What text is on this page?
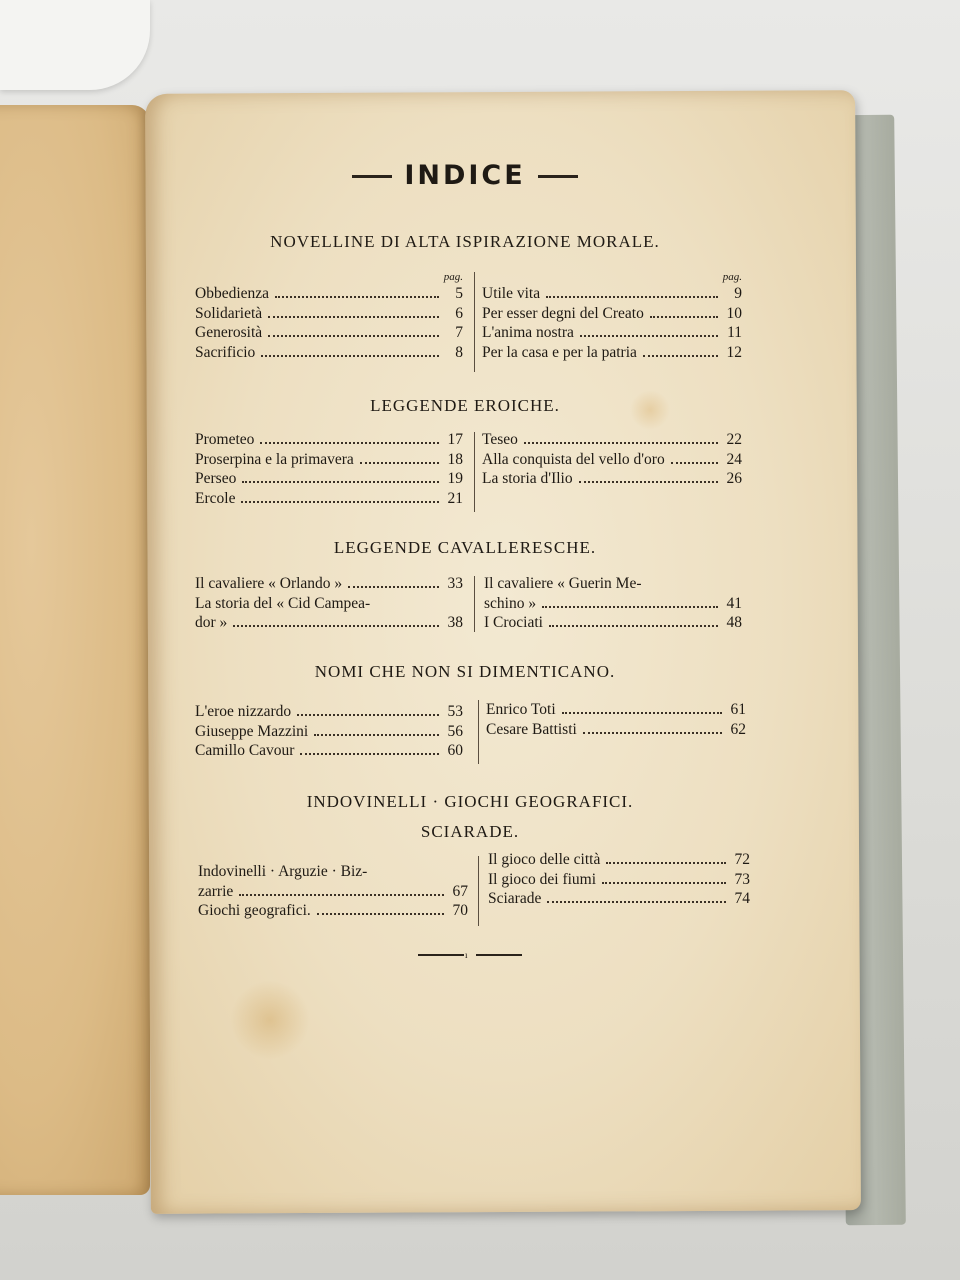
INDICE
NOVELLINE DI ALTA ISPIRAZIONE MORALE.
pag.
Obbedienza	5
Solidarietà	6
Generosità	7
Sacrificio	8
pag.
Utile vita	9
Per esser degni del Creato	10
L'anima nostra	11
Per la casa e per la patria	12
LEGGENDE EROICHE.
Prometeo	17
Proserpina e la primavera	18
Perseo	19
Ercole	21
Teseo	22
Alla conquista del vello d'oro	24
La storia d'Ilio	26
LEGGENDE CAVALLERESCHE.
Il cavaliere « Orlando »	33
La storia del « Cid Campea-
dor »	38
Il cavaliere « Guerin Me-
schino »	41
I Crociati	48
NOMI CHE NON SI DIMENTICANO.
L'eroe nizzardo	53
Giuseppe Mazzini	56
Camillo Cavour	60
Enrico Toti	61
Cesare Battisti	62
INDOVINELLI · GIOCHI GEOGRAFICI.
SCIARADE.
Indovinelli · Arguzie · Biz-
zarrie	67
Giochi geografici.	70
Il gioco delle città	72
Il gioco dei fiumi	73
Sciarade	74
ı
